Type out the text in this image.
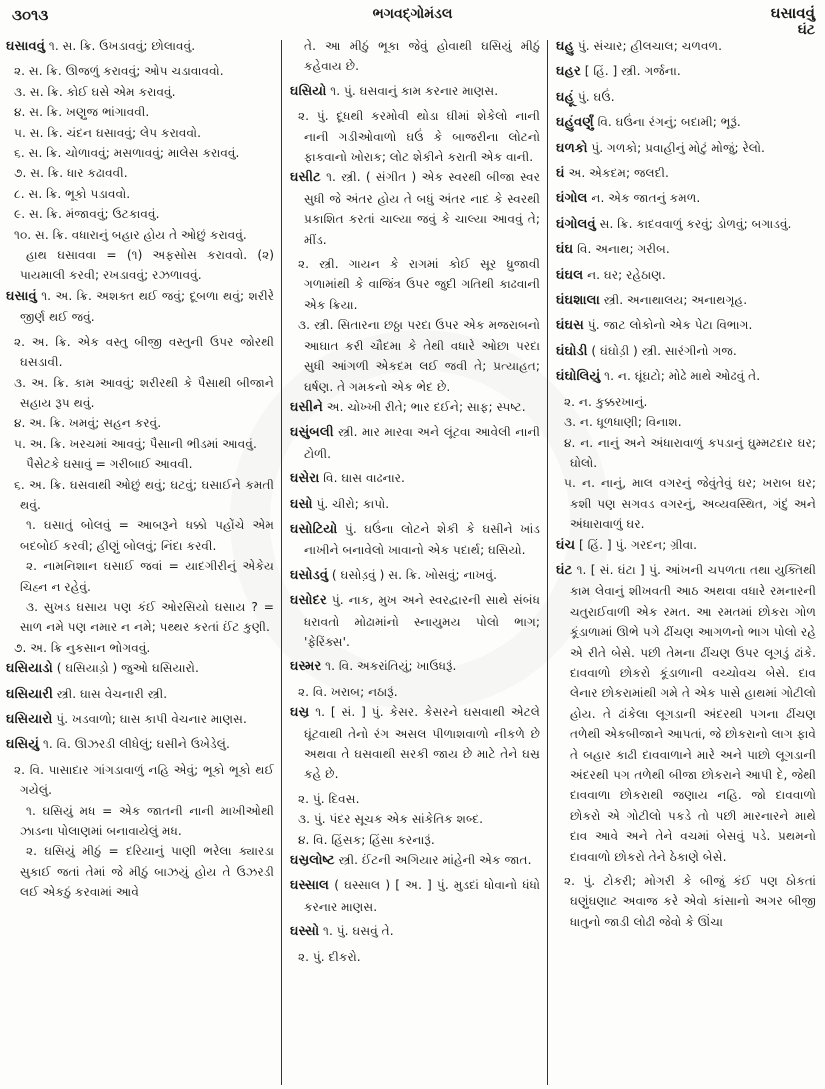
૩૦૧૩	ભગવદ્ગોમંડલ	ઘસાવવું
ઘંટ

ઘસાવવું ૧. સ. ક્રિ. ઉખડાવવું; છોલાવવું.

૨. સ. ક્રિ. ઊજળું કરાવવું; ઓપ ચડાવાવવો.

૩. સ. ક્રિ. કોઈ ઘસે એમ કરાવવું.

૪. સ. ક્રિ. ખણુજ ભાંગાવવી.

૫. સ. ક્રિ. ચંદન ઘસાવવું; લેપ કરાવવો.

૬. સ. ક્રિ. ચોળાવવું; મસળાવવું; માલેસ કરાવવું.

૭. સ. ક્રિ. ધાર કઢાવવી.

૮. સ. ક્રિ. ભૂકો પડાવવો.

૯. સ. ક્રિ. મંજાવવું; ઉટકાવવું.

૧૦. સ. ક્રિ. વધારાનું બહાર હોય તે ઓછું કરાવવું.

હાથ ઘસાવવા = (૧) અફસોસ કરાવવો. (૨) પાયમાલી કરવી; રખડાવવું; રઝળાવવું.

ઘસાવું ૧. અ. ક્રિ. અશક્ત થઈ જવું; દૂબળા થવું; શરીરે જીર્ણ થઈ જવું.

૨. અ. ક્રિ. એક વસ્તુ બીજી વસ્તુની ઉપર જોરથી ઘસડાવી.

૩. અ. ક્રિ. કામ આવવું; શરીરથી કે પૈસાથી બીજાને સહાય રૂપ થવું.

૪. અ. ક્રિ. ખમવું; સહન કરવું.

૫. અ. ક્રિ. ખરચમાં આવવું; પૈસાની ભીડમાં આવવું.

પૈસેટકે ઘસાવું = ગરીબાઈ આવવી.

૬. અ. ક્રિ. ઘસવાથી ઓછું થવું; ઘટવું; ઘસાઈને કમતી થવું.

૧. ઘસાતું બોલવું = આબરૂને ધક્કો પહોંચે એમ બદબોઈ કરવી; હીણું બોલવું; નિંદા કરવી.

૨. નામનિશાન ઘસાઈ જવાં = યાદગીરીનું એકેય ચિહ્ન ન રહેવું.

૩. સુખડ ઘસાય પણ કંઈ ઓરસિયો ઘસાય ? = સાળ નમે પણ નમાર ન નમે; પથ્થર કરતાં ઈંટ કુણી.

૭. અ. ક્રિ નુકસાન ભોગવવું.

ઘસિયાડો ( ઘસિયાડ઼ો ) જુઓ ઘસિયારો.

ઘસિયારી સ્ત્રી. ઘાસ વેચનારી સ્ત્રી.

ઘસિયારો પું. ખડવાળો; ઘાસ કાપી વેચનાર માણસ.

ઘસિયું ૧. વિ. ઊઝરડી લીધેલું; ઘસીને ઉખેડેલું.

૨. વિ. પાસાદાર ગાંગડાવાળું નહિ એવું; ભૂકો ભૂકો થઈ ગયેલું.

૧. ઘસિયું મધ = એક જાતની નાની માખીઓથી ઝાડના પોલાણમાં બનાવાયેલું મધ.

૨. ઘસિયું મીઠું = દરિયાનું પાણી ભરેલા ક્યારડા સુકાઈ જતાં તેમાં જે મીઠું બાઝયું હોય તે ઉઝરડી લઈ એકઠું કરવામાં આવે

તે. આ મીઠું ભૂકા જેવું હોવાથી ઘસિયું મીઠું કહેવાય છે.

ઘસિયો ૧. પું. ઘસવાનું કામ કરનાર માણસ.

૨. પું. દૂધથી કરમોવી થોડા ઘીમાં શેકેલો નાની નાની ગડીઓવાળો ઘઉં કે બાજરીના લોટનો ફાકવાનો ખોરાક; લોટ શેકીને કરાતી એક વાની.

ઘસીટ ૧. સ્ત્રી. ( સંગીત ) એક સ્વરથી બીજા સ્વર સુધી જે અંતર હોય તે બધું અંતર નાદ કે સ્વરથી પ્રકાશિત કરતાં ચાલ્યા જવું કે ચાલ્યા આવવું તે; મીંડ.

૨. સ્ત્રી. ગાયન કે રાગમાં કોઈ સૂર ધ્રુજાવી ગળામાંથી કે વાજિંત્ર ઉપર જુદી ગતિથી કાઢવાની એક ક્રિયા.

૩. સ્ત્રી. સિતારના છઠ્ઠા પરદા ઉપર એક મજરાબનો આઘાત કરી ચૌદમા કે તેથી વધારે ઓછા પરદા સુધી આંગળી એકદમ લઈ જવી તે; પ્રત્યાહત; ઘર્ષણ. તે ગમકનો એક ભેદ છે.

ઘસીને અ. ચોખ્ખી રીતે; ભાર દઈને; સાફ; સ્પષ્ટ.

ઘસુંબલી સ્ત્રી. માર મારવા અને લૂંટવા આવેલી નાની ટોળી.

ઘસેરા વિ. ઘાસ વાઢનાર.

ઘસો પું. ચીરો; કાપો.

ઘસોટિયો પું. ઘઉંના લોટને શેકી કે ઘસીને ખાંડ નાખીને બનાવેલો ખાવાનો એક પદાર્થ; ઘસિયો.

ઘસોડવું ( ઘસોડ઼વું ) સ. ક્રિ. ખોસવું; નાખવું.

ઘસોદર પું. નાક, મુખ અને સ્વરદ્વારની સાથે સંબંધ ધરાવતો મોઢામાંનો સ્નાયુમય પોલો ભાગ; 'ફેરિંક્સ'.

ઘસ્મર ૧. વિ. અકરાંતિયું; ખાઉધરૂં.

૨. વિ. ખરાબ; નઠારૂં.

ઘસ્ર ૧. [ સં. ] પું. કેસર. કેસરને ઘસવાથી એટલે ઘૂંટવાથી તેનો રંગ અસલ પીળાશવાળો નીકળે છે અથવા તે ઘસવાથી સરકી જાય છે માટે તેને ઘસ્ર કહે છે.

૨. પું. દિવસ.

૩. પું. પંદર સૂચક એક સાંકેતિક શબ્દ.

૪. વિ. હિંસક; હિંસા કરનારૂં.

ઘસ્રલોષ્ટ સ્ત્રી. ઈંટની અગિયાર માંહેની એક જાત.

ઘસ્સાલ ( ઘસ્સાલ ) [ અ. ] પું. મુડદાં ધોવાનો ધંધો કરનાર માણસ.

ઘસ્સો ૧. પું. ઘસવું તે.

૨. પું. દીકરો.

ઘહુ પું. સંચાર; હીલચાલ; ચળવળ.

ઘહર [ હિં. ] સ્ત્રી. ગર્જના.

ઘહૂં પું. ઘઉં.

ઘહુંવર્ણું વિ. ઘઉંના રંગનું; બદામી; ભૂરૂં.

ઘળકો પું. ગળકો; પ્રવાહીનું મોટું મોજું; રેલો.

ઘં અ. એકદમ; જલદી.

ઘંગોલ ન. એક જાતનું કમળ.

ઘંગોલવું સ. ક્રિ. કાદવવાળું કરવું; ડોળવું; બગાડવું.

ઘંઘ વિ. અનાથ; ગરીબ.

ઘંઘલ ન. ઘર; રહેઠાણ.

ઘંઘશાલા સ્ત્રી. અનાથાલય; અનાથગૃહ.

ઘંઘસ પું. જાટ લોકોનો એક પેટા વિભાગ.

ઘંઘોડી ( ઘંઘોડ઼ી ) સ્ત્રી. સારંગીનો ગજ.

ઘંઘોલિયું ૧. ન. ઘૂંઘટો; મોઢે માથે ઓઢવું તે.

૨. ન. કુક્કરખાનું.

૩. ન. ધૂળધાણી; વિનાશ.

૪. ન. નાનું અને અંધારાવાળું કપડાનું ઘુમ્મટદાર ઘર; ઘોલો.

૫. ન. નાનું, માલ વગરનું જેવુંતેવું ઘર; ખરાબ ઘર; કશી પણ સગવડ વગરનું, અવ્યવસ્થિત, ગંદું અને અંધારાવાળું ઘર.

ઘંચ [ હિં. ] પું. ગરદન; ગ્રીવા.

ઘંટ ૧. [ સં. ઘંટા ] પું. આંખની ચપળતા તથા યુક્તિથી કામ લેવાનું શીખવતી આઠ અથવા વધારે રમનારની ચતુરાઈવાળી એક રમત. આ રમતમાં છોકરા ગોળ કૂંડાળામાં ઊભે પગે ઢીંચણ આગળનો ભાગ પોલો રહે એ રીતે બેસે. પછી તેમના ઢીંચણ ઉપર લૂગડું ઢાંકે. દાવવાળો છોકરો કૂંડાળાની વચ્ચોવચ બેસે. દાવ લેનાર છોકરામાંથી ગમે તે એક પાસે હાથમાં ગોટીલો હોય. તે ઢાંકેલા લૂગડાની અંદરથી પગના ઢીંચણ તળેથી એકબીજાને આપતાં, જે છોકરાનો લાગ ફાવે તે બહાર કાઢી દાવવાળાને મારે અને પાછો લૂગડાની અંદરથી પગ તળેથી બીજા છોકરાને આપી દે, જેથી દાવવાળા છોકરાથી જણાય નહિ. જો દાવવાળો છોકરો એ ગોટીલો પકડે તો પછી મારનારને માથે દાવ આવે અને તેને વચમાં બેસવું પડે. પ્રથમનો દાવવાળો છોકરો તેને ઠેકાણે બેસે.

૨. પું. ટોકરી; મોગરી કે બીજું કંઈ પણ ઠોકતાં ઘણુંઘણાટ અવાજ કરે એવો કાંસાનો અગર બીજી ધાતુનો જાડી લોઢી જેવો કે ઊંચા
